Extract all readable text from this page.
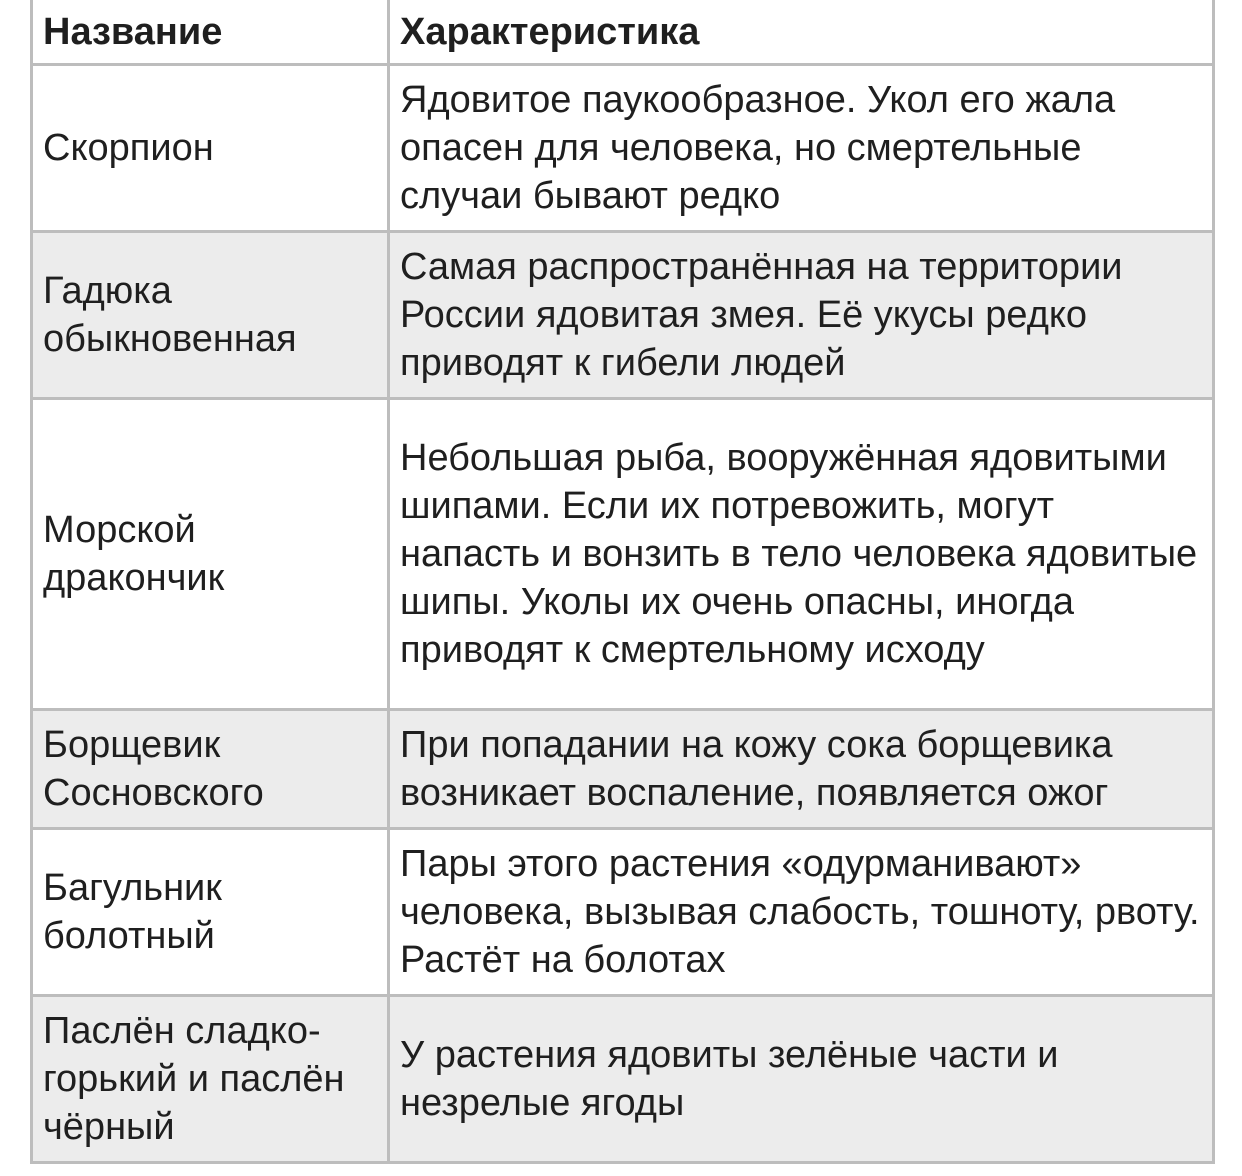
Название	Характеристика
Скорпион	Ядовитое паукообразное. Укол его жала опасен для человека, но смертельные случаи бывают редко
Гадюка обыкновенная	Самая распространённая на территории России ядовитая змея. Её укусы редко приводят к гибели людей
Морской дракончик	Небольшая рыба, вооружённая ядовитыми шипами. Если их потревожить, могут напасть и вонзить в тело человека ядовитые шипы. Уколы их очень опасны, иногда приводят к смертельному исходу
Борщевик Сосновского	При попадании на кожу сока борщевика возникает воспаление, появляется ожог
Багульник болотный	Пары этого растения «одурманивают» человека, вызывая слабость, тошноту, рвоту. Растёт на болотах
Паслён сладко-горький и паслён чёрный	У растения ядовиты зелёные части и незрелые ягоды
